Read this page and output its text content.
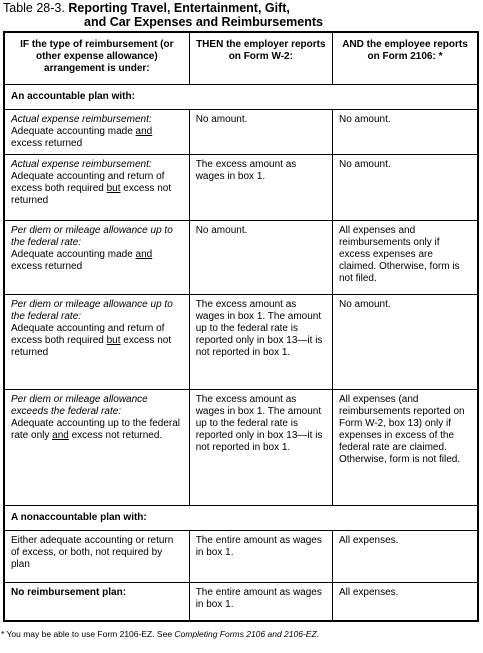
Table 28-3. Reporting Travel, Entertainment, Gift,
and Car Expenses and Reimbursements
IF the type of reimbursement (or other expense allowance) arrangement is under:	THEN the employer reports on Form W-2:	AND the employee reports on Form 2106: *
An accountable plan with:		
Actual expense reimbursement:
Adequate accounting made and excess returned	No amount.	No amount.
Actual expense reimbursement:
Adequate accounting and return of excess both required but excess not returned	The excess amount as wages in box 1.	No amount.
Per diem or mileage allowance up to the federal rate:
Adequate accounting made and excess returned	No amount.	All expenses and reimbursements only if excess expenses are claimed. Otherwise, form is not filed.
Per diem or mileage allowance up to the federal rate:
Adequate accounting and return of excess both required but excess not returned	The excess amount as wages in box 1. The amount up to the federal rate is reported only in box 13—it is not reported in box 1.	No amount.
Per diem or mileage allowance exceeds the federal rate:
Adequate accounting up to the federal rate only and excess not returned.	The excess amount as wages in box 1. The amount up to the federal rate is reported only in box 13—it is not reported in box 1.	All expenses (and reimbursements reported on Form W-2, box 13) only if expenses in excess of the federal rate are claimed. Otherwise, form is not filed.
A nonaccountable plan with:		
Either adequate accounting or return of excess, or both, not required by plan	The entire amount as wages in box 1.	All expenses.
No reimbursement plan:	The entire amount as wages in box 1.	All expenses.
* You may be able to use Form 2106-EZ. See Completing Forms 2106 and 2106-EZ.
